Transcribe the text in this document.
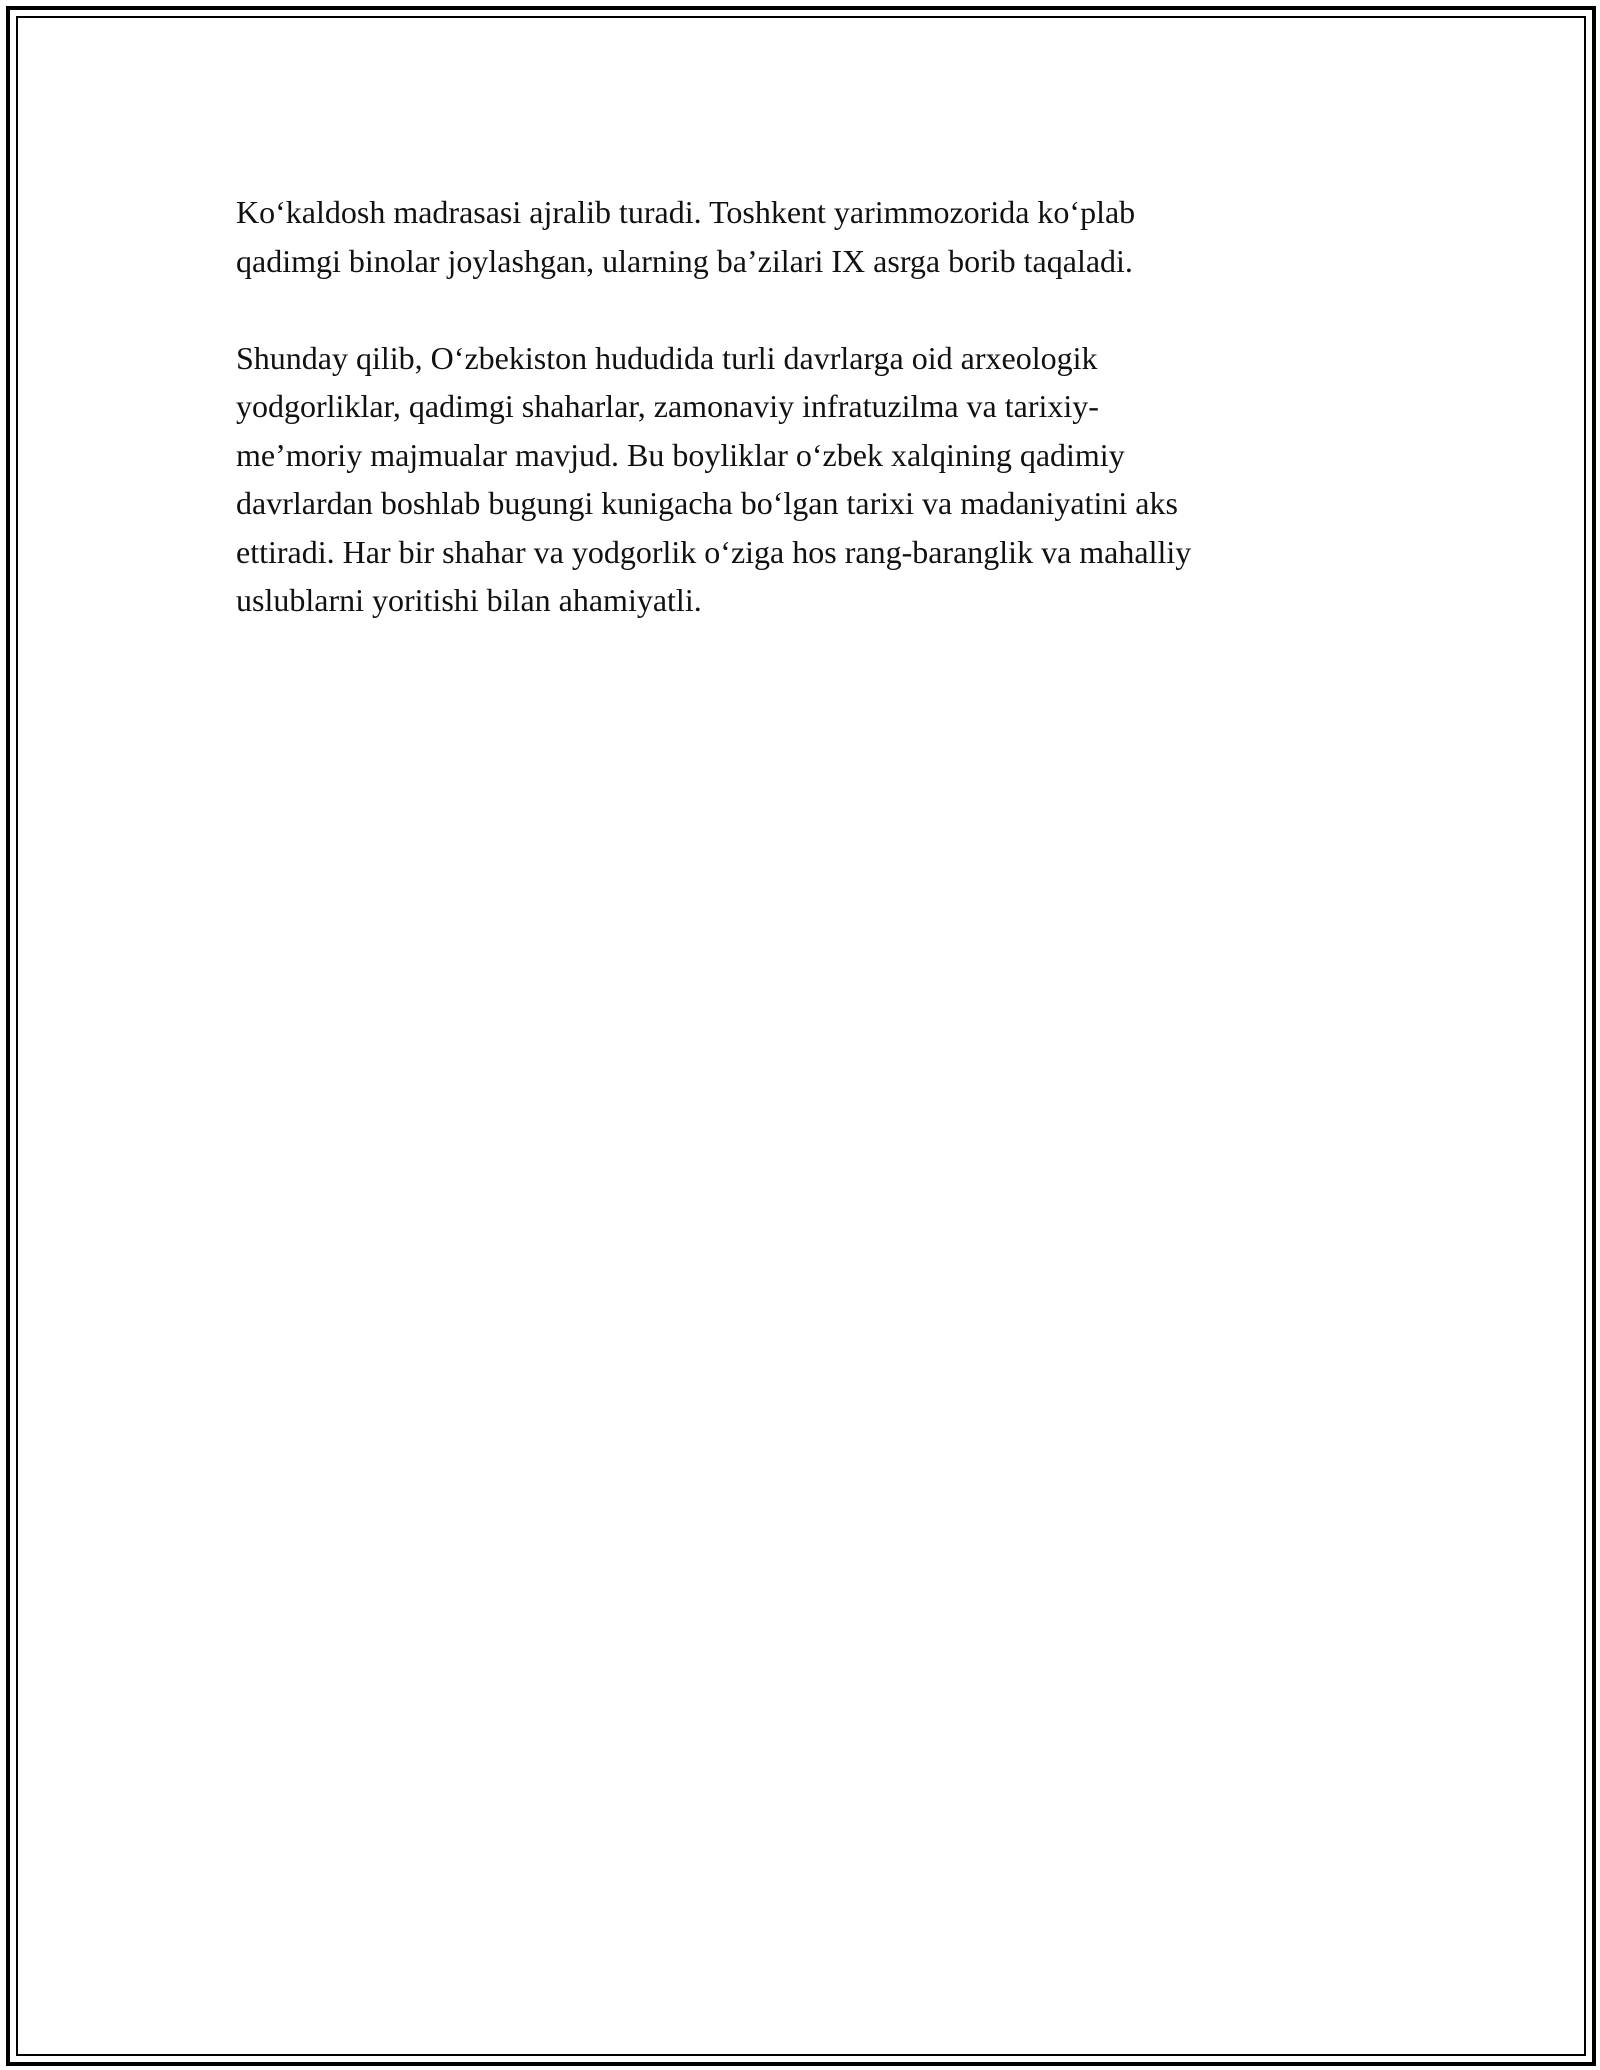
Ko‘kaldosh madrasasi ajralib turadi. Toshkent yarimmozorida ko‘plab
qadimgi binolar joylashgan, ularning ba’zilari IX asrga borib taqaladi.

Shunday qilib, O‘zbekiston hududida turli davrlarga oid arxeologik
yodgorliklar, qadimgi shaharlar, zamonaviy infratuzilma va tarixiy-
me’moriy majmualar mavjud. Bu boyliklar o‘zbek xalqining qadimiy
davrlardan boshlab bugungi kunigacha bo‘lgan tarixi va madaniyatini aks
ettiradi. Har bir shahar va yodgorlik o‘ziga hos rang-baranglik va mahalliy
uslublarni yoritishi bilan ahamiyatli.
